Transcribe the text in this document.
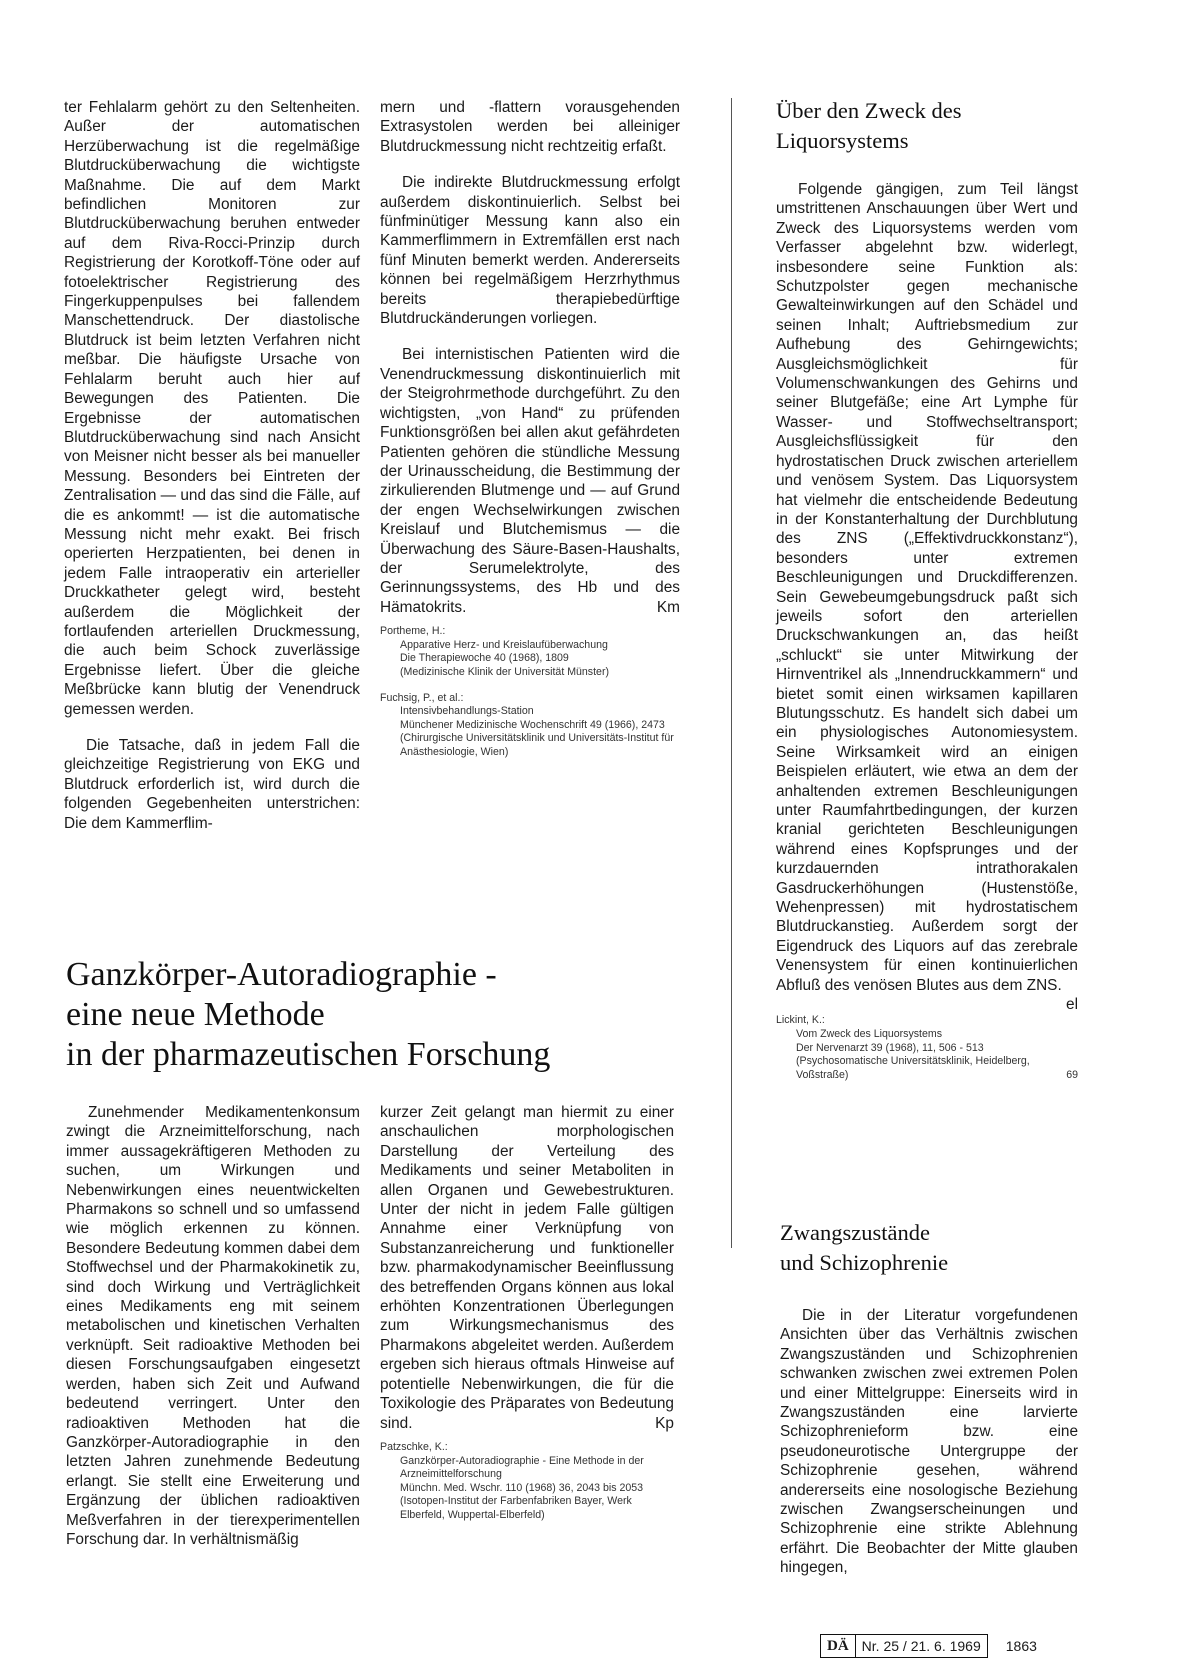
ter Fehlalarm gehört zu den Seltenheiten. Außer der automatischen Herzüberwachung ist die regelmäßige Blutdrucküberwachung die wichtigste Maßnahme. Die auf dem Markt befindlichen Monitoren zur Blutdrucküberwachung beruhen entweder auf dem Riva-Rocci-Prinzip durch Registrierung der Korotkoff-Töne oder auf fotoelektrischer Registrierung des Fingerkuppenpulses bei fallendem Manschettendruck. Der diastolische Blutdruck ist beim letzten Verfahren nicht meßbar. Die häufigste Ursache von Fehlalarm beruht auch hier auf Bewegungen des Patienten. Die Ergebnisse der automatischen Blutdrucküberwachung sind nach Ansicht von Meisner nicht besser als bei manueller Messung. Besonders bei Eintreten der Zentralisation — und das sind die Fälle, auf die es ankommt! — ist die automatische Messung nicht mehr exakt. Bei frisch operierten Herzpatienten, bei denen in jedem Falle intraoperativ ein arterieller Druckkatheter gelegt wird, besteht außerdem die Möglichkeit der fortlaufenden arteriellen Druckmessung, die auch beim Schock zuverlässige Ergebnisse liefert. Über die gleiche Meßbrücke kann blutig der Venendruck gemessen werden.

Die Tatsache, daß in jedem Fall die gleichzeitige Registrierung von EKG und Blutdruck erforderlich ist, wird durch die folgenden Gegebenheiten unterstrichen: Die dem Kammerflim-

mern und -flattern vorausgehenden Extrasystolen werden bei alleiniger Blutdruckmessung nicht rechtzeitig erfaßt.

Die indirekte Blutdruckmessung erfolgt außerdem diskontinuierlich. Selbst bei fünfminütiger Messung kann also ein Kammerflimmern in Extremfällen erst nach fünf Minuten bemerkt werden. Andererseits können bei regelmäßigem Herzrhythmus bereits therapiebedürftige Blutdruckänderungen vorliegen.

Bei internistischen Patienten wird die Venendruckmessung diskontinuierlich mit der Steigrohrmethode durchgeführt. Zu den wichtigsten, „von Hand“ zu prüfenden Funktionsgrößen bei allen akut gefährdeten Patienten gehören die stündliche Messung der Urinausscheidung, die Bestimmung der zirkulierenden Blutmenge und — auf Grund der engen Wechselwirkungen zwischen Kreislauf und Blutchemismus — die Überwachung des Säure-Basen-Haushalts, der Serumelektrolyte, des Gerinnungssystems, des Hb und des Hämatokrits.	Km

Portheme, H.:
Apparative Herz- und Kreislaufüberwachung
Die Therapiewoche 40 (1968), 1809
(Medizinische Klinik der Universität Münster)
Fuchsig, P., et al.:
Intensivbehandlungs-Station
Münchener Medizinische Wochenschrift 49 (1966), 2473
(Chirurgische Universitätsklinik und Universitäts-Institut für Anästhesiologie, Wien)
Ganzkörper-Autoradiographie -
eine neue Methode
in der pharmazeutischen Forschung

Zunehmender Medikamentenkonsum zwingt die Arzneimittelforschung, nach immer aussagekräftigeren Methoden zu suchen, um Wirkungen und Nebenwirkungen eines neuentwickelten Pharmakons so schnell und so umfassend wie möglich erkennen zu können. Besondere Bedeutung kommen dabei dem Stoffwechsel und der Pharmakokinetik zu, sind doch Wirkung und Verträglichkeit eines Medikaments eng mit seinem metabolischen und kinetischen Verhalten verknüpft. Seit radioaktive Methoden bei diesen Forschungsaufgaben eingesetzt werden, haben sich Zeit und Aufwand bedeutend verringert. Unter den radioaktiven Methoden hat die Ganzkörper-Autoradiographie in den letzten Jahren zunehmende Bedeutung erlangt. Sie stellt eine Erweiterung und Ergänzung der üblichen radioaktiven Meßverfahren in der tierexperimentellen Forschung dar. In verhältnismäßig

kurzer Zeit gelangt man hiermit zu einer anschaulichen morphologischen Darstellung der Verteilung des Medikaments und seiner Metaboliten in allen Organen und Gewebestrukturen. Unter der nicht in jedem Falle gültigen Annahme einer Verknüpfung von Substanzanreicherung und funktioneller bzw. pharmakodynamischer Beeinflussung des betreffenden Organs können aus lokal erhöhten Konzentrationen Überlegungen zum Wirkungsmechanismus des Pharmakons abgeleitet werden. Außerdem ergeben sich hieraus oftmals Hinweise auf potentielle Nebenwirkungen, die für die Toxikologie des Präparates von Bedeutung sind.	Kp

Patzschke, K.:
Ganzkörper-Autoradiographie - Eine Methode in der Arzneimittelforschung
Münchn. Med. Wschr. 110 (1968) 36, 2043 bis 2053
(Isotopen-Institut der Farbenfabriken Bayer, Werk Elberfeld, Wuppertal-Elberfeld)
Über den Zweck des
Liquorsystems

Folgende gängigen, zum Teil längst umstrittenen Anschauungen über Wert und Zweck des Liquorsystems werden vom Verfasser abgelehnt bzw. widerlegt, insbesondere seine Funktion als: Schutzpolster gegen mechanische Gewalteinwirkungen auf den Schädel und seinen Inhalt; Auftriebsmedium zur Aufhebung des Gehirngewichts; Ausgleichsmöglichkeit für Volumenschwankungen des Gehirns und seiner Blutgefäße; eine Art Lymphe für Wasser- und Stoffwechseltransport; Ausgleichsflüssigkeit für den hydrostatischen Druck zwischen arteriellem und venösem System. Das Liquorsystem hat vielmehr die entscheidende Bedeutung in der Konstanterhaltung der Durchblutung des ZNS („Effektivdruckkonstanz“), besonders unter extremen Beschleunigungen und Druckdifferenzen. Sein Gewebeumgebungsdruck paßt sich jeweils sofort den arteriellen Druckschwankungen an, das heißt „schluckt“ sie unter Mitwirkung der Hirnventrikel als „Innendruckkammern“ und bietet somit einen wirksamen kapillaren Blutungsschutz. Es handelt sich dabei um ein physiologisches Autonomiesystem. Seine Wirksamkeit wird an einigen Beispielen erläutert, wie etwa an dem der anhaltenden extremen Beschleunigungen unter Raumfahrtbedingungen, der kurzen kranial gerichteten Beschleunigungen während eines Kopfsprunges und der kurzdauernden intrathorakalen Gasdruckerhöhungen (Hustenstöße, Wehenpressen) mit hydrostatischem Blutdruckanstieg. Außerdem sorgt der Eigendruck des Liquors auf das zerebrale Venensystem für einen kontinuierlichen Abfluß des venösen Blutes aus dem ZNS.
el

Lickint, K.:
Vom Zweck des Liquorsystems
Der Nervenarzt 39 (1968), 11, 506 - 513
(Psychosomatische Universitätsklinik, Heidelberg, Voßstraße)	69
Zwangszustände
und Schizophrenie

Die in der Literatur vorgefundenen Ansichten über das Verhältnis zwischen Zwangszuständen und Schizophrenien schwanken zwischen zwei extremen Polen und einer Mittelgruppe: Einerseits wird in Zwangszuständen eine larvierte Schizophrenieform bzw. eine pseudoneurotische Untergruppe der Schizophrenie gesehen, während andererseits eine nosologische Beziehung zwischen Zwangserscheinungen und Schizophrenie eine strikte Ablehnung erfährt. Die Beobachter der Mitte glauben hingegen,

DÄ Nr. 25 / 21. 6. 1969	1863
